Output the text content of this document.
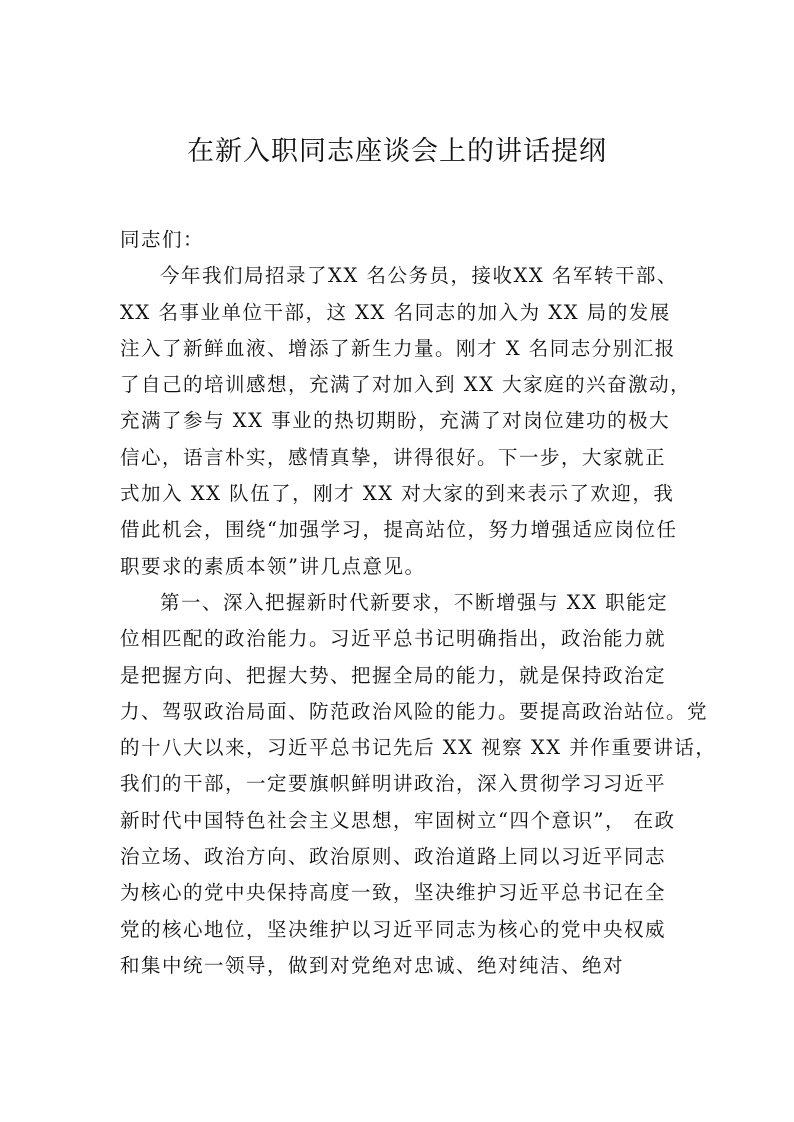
在新入职同志座谈会上的讲话提纲
同志们：
今年我们局招录了XX 名公务员，接收XX 名军转干部、
XX 名事业单位干部，这 XX 名同志的加入为 XX 局的发展
注入了新鲜血液、增添了新生力量。刚才 X 名同志分别汇报
了自己的培训感想，充满了对加入到 XX 大家庭的兴奋激动，
充满了参与 XX 事业的热切期盼，充满了对岗位建功的极大
信心，语言朴实，感情真挚，讲得很好。下一步，大家就正
式加入 XX 队伍了，刚才 XX 对大家的到来表示了欢迎，我
借此机会，围绕“加强学习，提高站位，努力增强适应岗位任
职要求的素质本领”讲几点意见。
第一、深入把握新时代新要求，不断增强与 XX 职能定
位相匹配的政治能力。习近平总书记明确指出，政治能力就
是把握方向、把握大势、把握全局的能力，就是保持政治定
力、驾驭政治局面、防范政治风险的能力。要提高政治站位。党
的十八大以来，习近平总书记先后 XX 视察 XX 并作重要讲话，
我们的干部，一定要旗帜鲜明讲政治，深入贯彻学习习近平
新时代中国特色社会主义思想，牢固树立“四个意识”， 在政
治立场、政治方向、政治原则、政治道路上同以习近平同志
为核心的党中央保持高度一致，坚决维护习近平总书记在全
党的核心地位，坚决维护以习近平同志为核心的党中央权威
和集中统一领导，做到对党绝对忠诚、绝对纯洁、绝对
